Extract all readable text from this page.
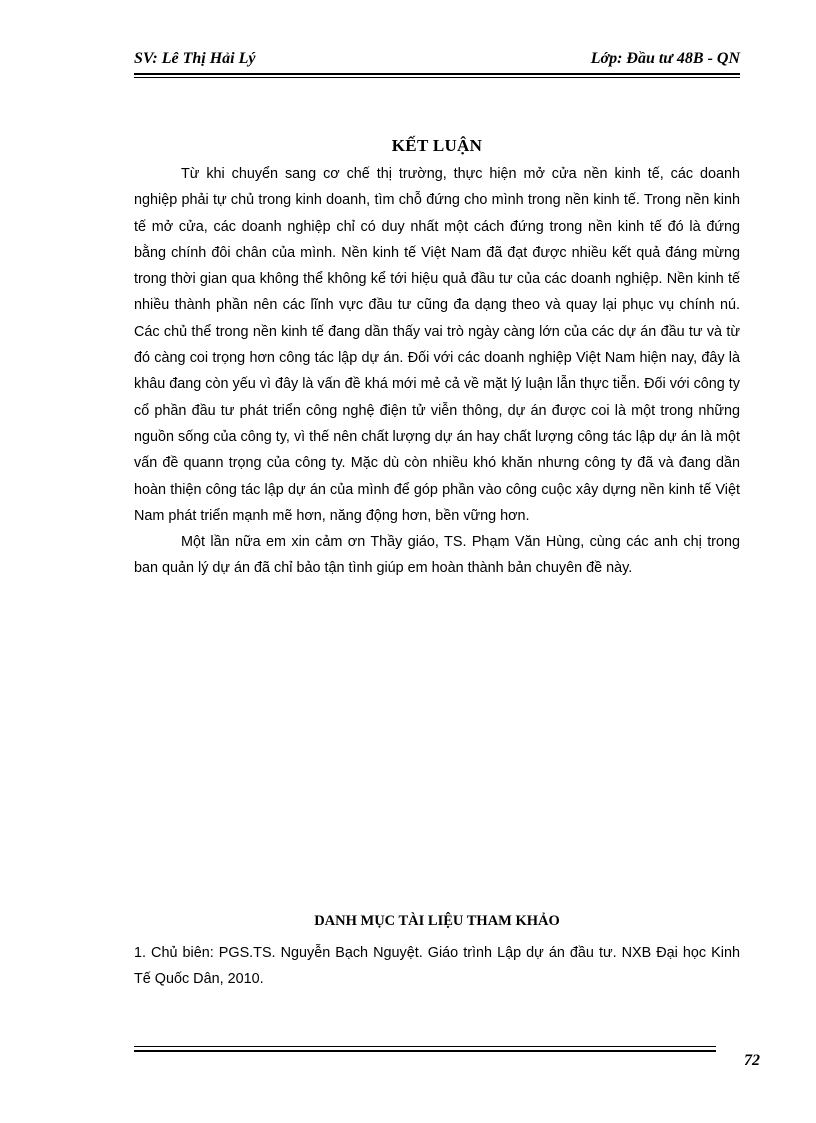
SV: Lê Thị Hải Lý	Lớp: Đầu tư 48B - QN
KẾT LUẬN

Từ khi chuyển sang cơ chế thị trường, thực hiện mở cửa nền kinh tế, các doanh nghiệp phải tự chủ trong kinh doanh, tìm chỗ đứng cho mình trong nền kinh tế. Trong nền kinh tế mở cửa, các doanh nghiệp chỉ có duy nhất một cách đứng trong nền kinh tế đó là đứng bằng chính đôi chân của mình. Nền kinh tế Việt Nam đã đạt được nhiều kết quả đáng mừng trong thời gian qua không thể không kể tới hiệu quả đầu tư của các doanh nghiệp. Nền kinh tế nhiều thành phần nên các lĩnh vực đầu tư cũng đa dạng theo và quay lại phục vụ chính nú. Các chủ thể trong nền kinh tế đang dần thấy vai trò ngày càng lớn của các dự án đầu tư và từ đó càng coi trọng hơn công tác lập dự án. Đối với các doanh nghiệp Việt Nam hiện nay, đây là khâu đang còn yếu vì đây là vấn đề khá mới mẻ cả về mặt lý luận lẫn thực tiễn. Đối với công ty cổ phần đầu tư phát triển công nghệ điện tử viễn thông, dự án được coi là một trong những nguồn sống của công ty, vì thế nên chất lượng dự án hay chất lượng công tác lập dự án là một vấn đề quann trọng của công ty. Mặc dù còn nhiều khó khăn nhưng công ty đã và đang dần hoàn thiện công tác lập dự án của mình để góp phần vào công cuộc xây dựng nền kinh tế Việt Nam phát triển mạnh mẽ hơn, năng động hơn, bền vững hơn.

Một lần nữa em xin cảm ơn Thầy giáo, TS. Phạm Văn Hùng, cùng các anh chị trong ban quản lý dự án đã chỉ bảo tận tình giúp em hoàn thành bản chuyên đề này.

DANH MỤC TÀI LIỆU THAM KHẢO

1. Chủ biên: PGS.TS. Nguyễn Bạch Nguyệt. Giáo trình Lập dự án đầu tư. NXB Đại học Kinh Tế Quốc Dân, 2010.

72
